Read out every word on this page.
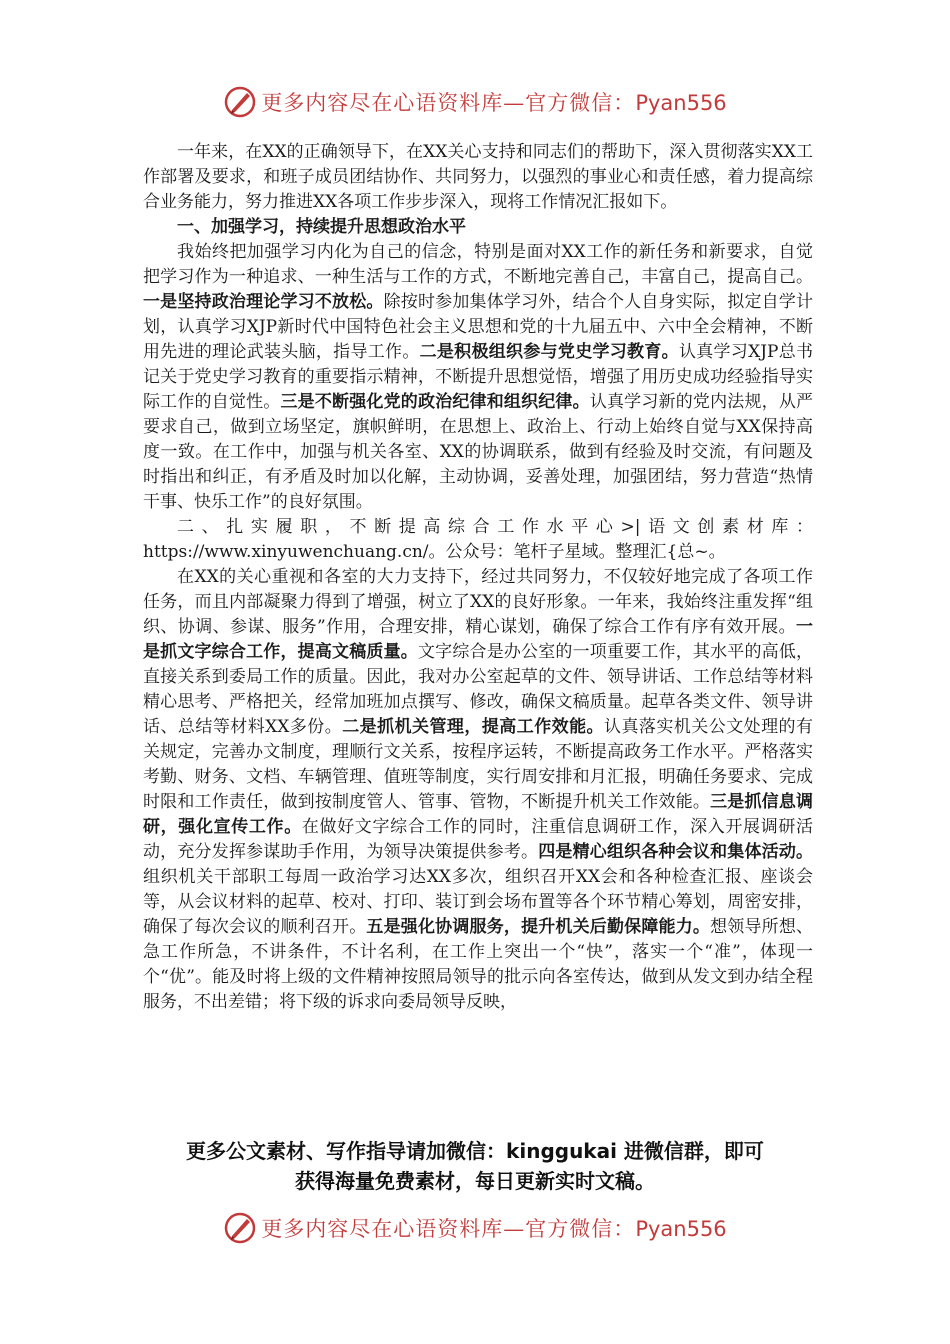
更多内容尽在心语资料库—官方微信：Pyan556

一年来，在XX的正确领导下，在XX关心支持和同志们的帮助下，深入贯彻落实XX工作部署及要求，和班子成员团结协作、共同努力，以强烈的事业心和责任感，着力提高综合业务能力，努力推进XX各项工作步步深入，现将工作情况汇报如下。

一、加强学习，持续提升思想政治水平

我始终把加强学习内化为自己的信念，特别是面对XX工作的新任务和新要求，自觉把学习作为一种追求、一种生活与工作的方式，不断地完善自己，丰富自己，提高自己。一是坚持政治理论学习不放松。除按时参加集体学习外，结合个人自身实际，拟定自学计划，认真学习XJP新时代中国特色社会主义思想和党的十九届五中、六中全会精神，不断用先进的理论武装头脑，指导工作。二是积极组织参与党史学习教育。认真学习XJP总书记关于党史学习教育的重要指示精神，不断提升思想觉悟，增强了用历史成功经验指导实际工作的自觉性。三是不断强化党的政治纪律和组织纪律。认真学习新的党内法规，从严要求自己，做到立场坚定，旗帜鲜明，在思想上、政治上、行动上始终自觉与XX保持高度一致。在工作中，加强与机关各室、XX的协调联系，做到有经验及时交流，有问题及时指出和纠正，有矛盾及时加以化解，主动协调，妥善处理，加强团结，努力营造“热情干事、快乐工作”的良好氛围。

二、扎实履职，不断提高综合工作水平心>|语文创素材库：https://www.xinyuwenchuang.cn/。公众号：笔杆子星域。整理汇{总~。

在XX的关心重视和各室的大力支持下，经过共同努力，不仅较好地完成了各项工作任务，而且内部凝聚力得到了增强，树立了XX的良好形象。一年来，我始终注重发挥“组织、协调、参谋、服务”作用，合理安排，精心谋划，确保了综合工作有序有效开展。一是抓文字综合工作，提高文稿质量。文字综合是办公室的一项重要工作，其水平的高低，直接关系到委局工作的质量。因此，我对办公室起草的文件、领导讲话、工作总结等材料精心思考、严格把关，经常加班加点撰写、修改，确保文稿质量。起草各类文件、领导讲话、总结等材料XX多份。二是抓机关管理，提高工作效能。认真落实机关公文处理的有关规定，完善办文制度，理顺行文关系，按程序运转，不断提高政务工作水平。严格落实考勤、财务、文档、车辆管理、值班等制度，实行周安排和月汇报，明确任务要求、完成时限和工作责任，做到按制度管人、管事、管物，不断提升机关工作效能。三是抓信息调研，强化宣传工作。在做好文字综合工作的同时，注重信息调研工作，深入开展调研活动，充分发挥参谋助手作用，为领导决策提供参考。四是精心组织各种会议和集体活动。组织机关干部职工每周一政治学习达XX多次，组织召开XX会和各种检查汇报、座谈会等，从会议材料的起草、校对、打印、装订到会场布置等各个环节精心筹划，周密安排，确保了每次会议的顺利召开。五是强化协调服务，提升机关后勤保障能力。想领导所想、急工作所急，不讲条件，不计名利，在工作上突出一个“快”，落实一个“准”，体现一个“优”。能及时将上级的文件精神按照局领导的批示向各室传达，做到从发文到办结全程服务，不出差错；将下级的诉求向委局领导反映，

更多公文素材、写作指导请加微信：kinggukai 进微信群，即可
获得海量免费素材，每日更新实时文稿。
更多内容尽在心语资料库—官方微信：Pyan556
